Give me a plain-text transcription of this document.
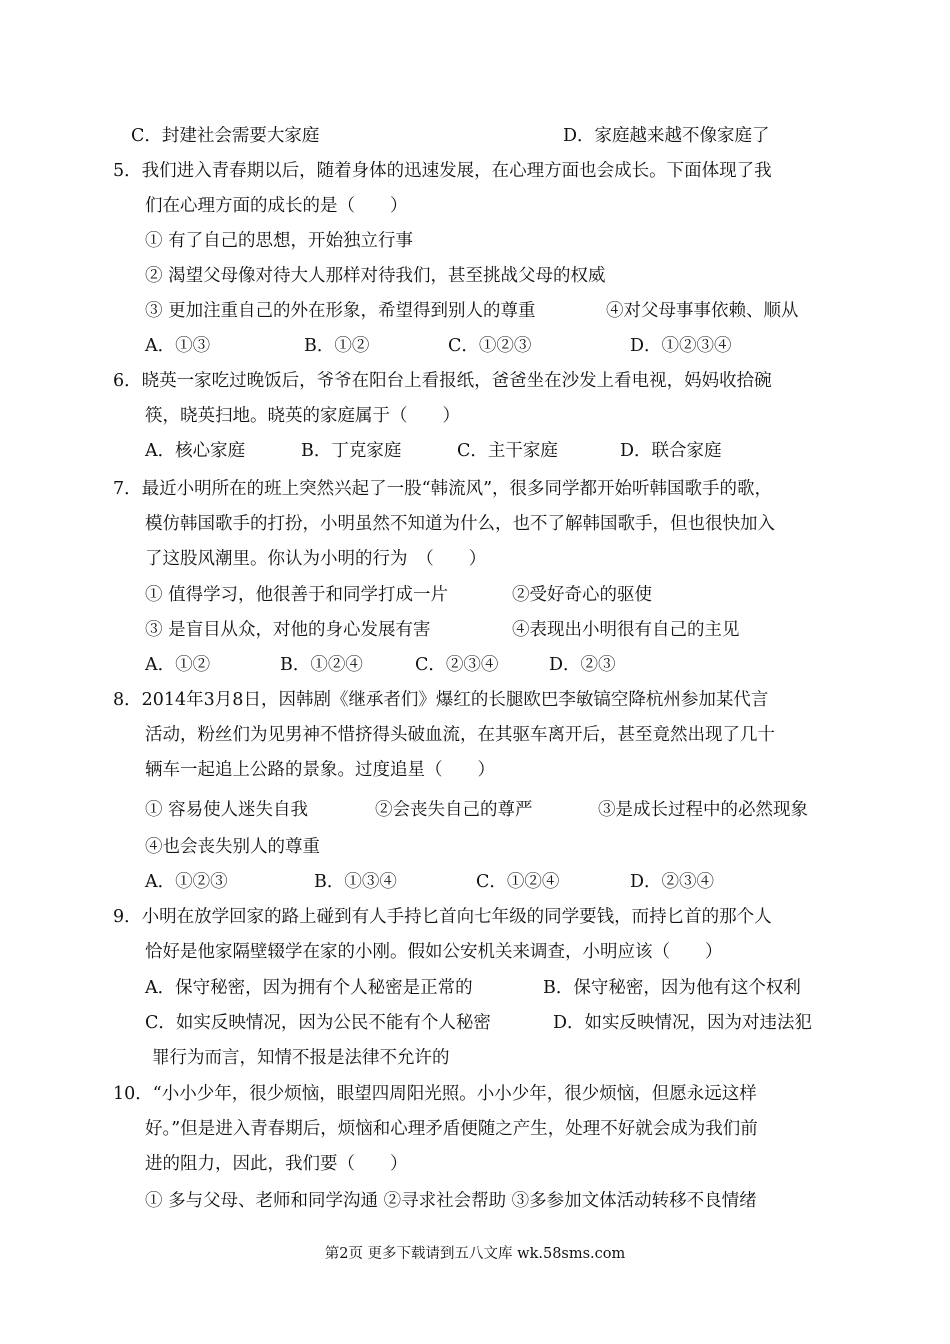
C．封建社会需要大家庭	D．家庭越来越不像家庭了
5．我们进入青春期以后，随着身体的迅速发展，在心理方面也会成长。下面体现了我
们在心理方面的成长的是（　　）
① 有了自己的思想，开始独立行事
② 渴望父母像对待大人那样对待我们，甚至挑战父母的权威
③ 更加注重自己的外在形象，希望得到别人的尊重	④对父母事事依赖、顺从
A．①③	B．①②	C．①②③	D．①②③④
6．晓英一家吃过晚饭后，爷爷在阳台上看报纸，爸爸坐在沙发上看电视，妈妈收拾碗
筷，晓英扫地。晓英的家庭属于（　　）
A．核心家庭	B．丁克家庭	C．主干家庭	D．联合家庭
7．最近小明所在的班上突然兴起了一股“韩流风”，很多同学都开始听韩国歌手的歌，
模仿韩国歌手的打扮，小明虽然不知道为什么，也不了解韩国歌手，但也很快加入
了这股风潮里。你认为小明的行为　（　　）
① 值得学习，他很善于和同学打成一片	②受好奇心的驱使
③ 是盲目从众，对他的身心发展有害	④表现出小明很有自己的主见
A．①②	B．①②④	C．②③④	D．②③
8．2014年3月8日，因韩剧《继承者们》爆红的长腿欧巴李敏镐空降杭州参加某代言
活动，粉丝们为见男神不惜挤得头破血流，在其驱车离开后，甚至竟然出现了几十
辆车一起追上公路的景象。过度追星（　　）
① 容易使人迷失自我	②会丧失自己的尊严	③是成长过程中的必然现象
④也会丧失别人的尊重
A．①②③	B．①③④	C．①②④	D．②③④
9．小明在放学回家的路上碰到有人手持匕首向七年级的同学要钱，而持匕首的那个人
恰好是他家隔壁辍学在家的小刚。假如公安机关来调查，小明应该（　　）
A．保守秘密，因为拥有个人秘密是正常的	B．保守秘密，因为他有这个权利
C．如实反映情况，因为公民不能有个人秘密	D．如实反映情况，因为对违法犯
罪行为而言，知情不报是法律不允许的
10．“小小少年，很少烦恼，眼望四周阳光照。小小少年，很少烦恼，但愿永远这样
好。”但是进入青春期后，烦恼和心理矛盾便随之产生，处理不好就会成为我们前
进的阻力，因此，我们要（　　）
① 多与父母、老师和同学沟通 ②寻求社会帮助 ③多参加文体活动转移不良情绪
第2页 更多下载请到五八文库 wk.58sms.com
